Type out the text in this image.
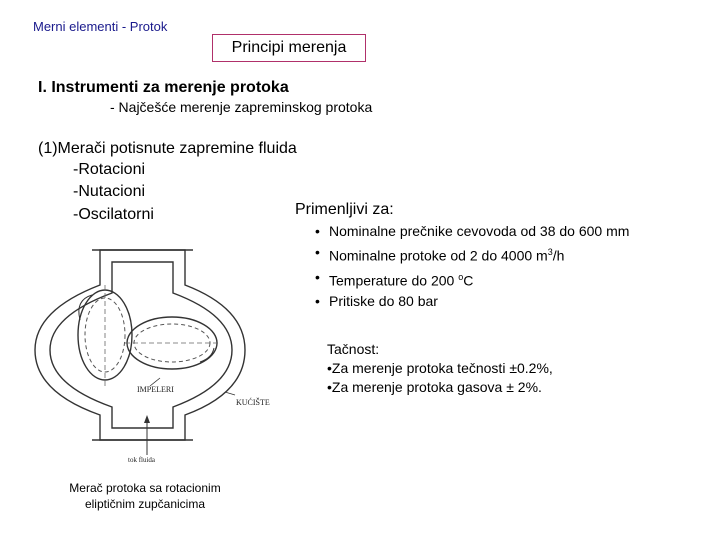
Merni elementi - Protok
Principi merenja
I. Instrumenti za merenje protoka
- Najčešće merenje zapreminskog protoka
(1)Merači potisnute zapremine fluida
-Rotacioni
-Nutacioni
-Oscilatorni	Primenljivi za:
• Nominalne prečnike cevovoda od 38 do 600 mm
• Nominalne protoke od 2 do 4000 $m^3/h$
• Temperature do 200 $^o$C
• Pritiske do 80 bar
Tačnost:
•Za merenje protoka tečnosti ±0.2%,
•Za merenje protoka gasova ± 2%.
IMPELERI
KUĆIŠTE
tok fluida
Merač protoka sa rotacionim eliptičnim zupčanicima
